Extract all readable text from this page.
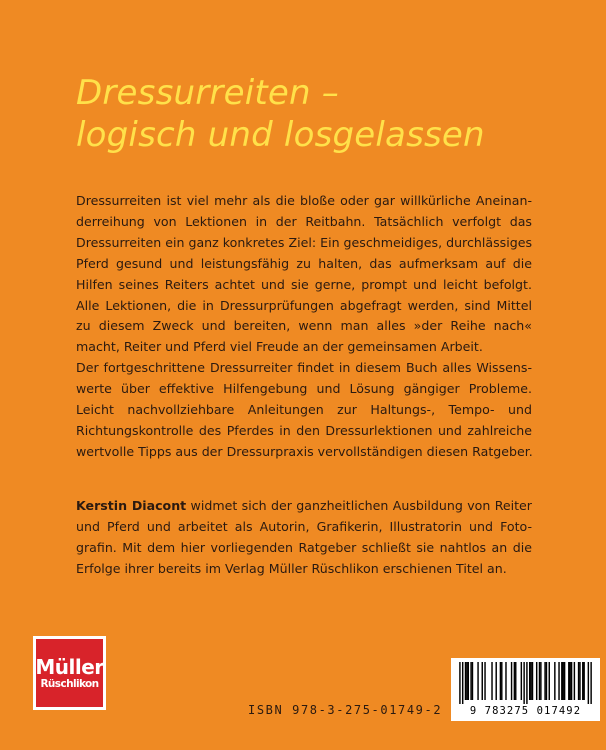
Dressurreiten –
logisch und losgelassen

Dressurreiten ist viel mehr als die bloße oder gar willkürliche Aneinan-
derreihung von Lektionen in der Reitbahn. Tatsächlich verfolgt das
Dressurreiten ein ganz konkretes Ziel: Ein geschmeidiges, durchlässiges
Pferd gesund und leistungsfähig zu halten, das aufmerksam auf die
Hilfen seines Reiters achtet und sie gerne, prompt und leicht befolgt.
Alle Lektionen, die in Dressurprüfungen abgefragt werden, sind Mittel
zu diesem Zweck und bereiten, wenn man alles »der Reihe nach«
macht, Reiter und Pferd viel Freude an der gemeinsamen Arbeit.
Der fortgeschrittene Dressurreiter findet in diesem Buch alles Wissens-
werte über effektive Hilfengebung und Lösung gängiger Probleme.
Leicht nachvollziehbare Anleitungen zur Haltungs-, Tempo- und
Richtungskontrolle des Pferdes in den Dressurlektionen und zahlreiche
wertvolle Tipps aus der Dressurpraxis vervollständigen diesen Ratgeber.

Kerstin Diacont widmet sich der ganzheitlichen Ausbildung von Reiter
und Pferd und arbeitet als Autorin, Grafikerin, Illustratorin und Foto-
grafin. Mit dem hier vorliegenden Ratgeber schließt sie nahtlos an die
Erfolge ihrer bereits im Verlag Müller Rüschlikon erschienen Titel an.

Müller
Rüschlikon
ISBN 978-3-275-01749-2	9 783275 017492
